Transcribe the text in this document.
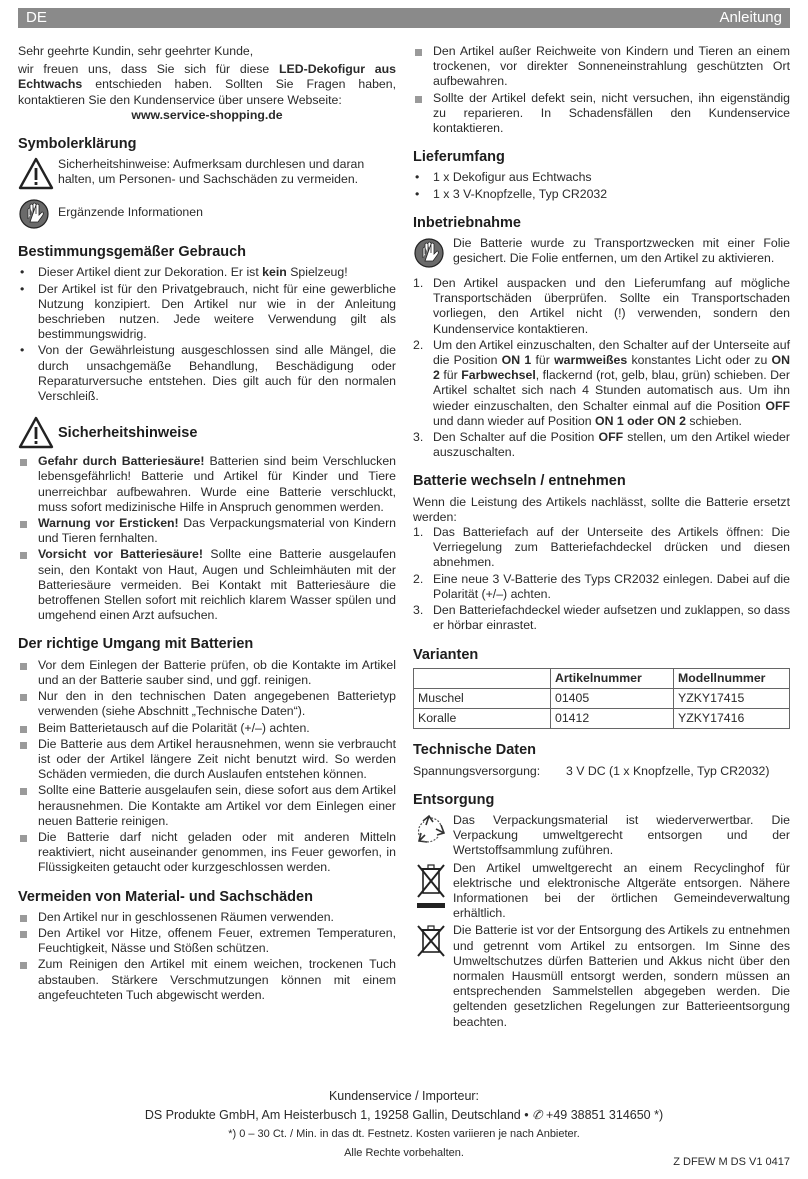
DE	Anleitung

Sehr geehrte Kundin, sehr geehrter Kunde,

wir freuen uns, dass Sie sich für diese LED-Dekofigur aus Echtwachs entschieden haben. Sollten Sie Fragen haben, kontaktieren Sie den Kundenservice über unsere Webseite:

www.service-shopping.de

Symbolerklärung
Sicherheitshinweise: Aufmerksam durchlesen und daran halten, um Personen- und Sachschäden zu vermeiden.
Ergänzende Informationen
Bestimmungsgemäßer Gebrauch
• Dieser Artikel dient zur Dekoration. Er ist kein Spielzeug!
• Der Artikel ist für den Privatgebrauch, nicht für eine gewerbliche Nutzung konzipiert. Den Artikel nur wie in der Anleitung beschrieben nutzen. Jede weitere Verwendung gilt als bestimmungswidrig.
• Von der Gewährleistung ausgeschlossen sind alle Mängel, die durch unsachgemäße Behandlung, Beschädigung oder Reparaturversuche entstehen. Dies gilt auch für den normalen Verschleiß.
Sicherheitshinweise
Gefahr durch Batteriesäure! Batterien sind beim Verschlucken lebensgefährlich! Batterie und Artikel für Kinder und Tiere unerreichbar aufbewahren. Wurde eine Batterie verschluckt, muss sofort medizinische Hilfe in Anspruch genommen werden.
Warnung vor Ersticken! Das Verpackungsmaterial von Kindern und Tieren fernhalten.
Vorsicht vor Batteriesäure! Sollte eine Batterie ausgelaufen sein, den Kontakt von Haut, Augen und Schleimhäuten mit der Batteriesäure vermeiden. Bei Kontakt mit Batteriesäure die betroffenen Stellen sofort mit reichlich klarem Wasser spülen und umgehend einen Arzt aufsuchen.
Der richtige Umgang mit Batterien
Vor dem Einlegen der Batterie prüfen, ob die Kontakte im Artikel und an der Batterie sauber sind, und ggf. reinigen.
Nur den in den technischen Daten angegebenen Batterietyp verwenden (siehe Abschnitt „Technische Daten“).
Beim Batterietausch auf die Polarität (+/–) achten.
Die Batterie aus dem Artikel herausnehmen, wenn sie verbraucht ist oder der Artikel längere Zeit nicht benutzt wird. So werden Schäden vermieden, die durch Auslaufen entstehen können.
Sollte eine Batterie ausgelaufen sein, diese sofort aus dem Artikel herausnehmen. Die Kontakte am Artikel vor dem Einlegen einer neuen Batterie reinigen.
Die Batterie darf nicht geladen oder mit anderen Mitteln reaktiviert, nicht auseinander genommen, ins Feuer geworfen, in Flüssigkeiten getaucht oder kurzgeschlossen werden.
Vermeiden von Material- und Sachschäden
Den Artikel nur in geschlossenen Räumen verwenden.
Den Artikel vor Hitze, offenem Feuer, extremen Temperaturen, Feuchtigkeit, Nässe und Stößen schützen.
Zum Reinigen den Artikel mit einem weichen, trockenen Tuch abstauben. Stärkere Verschmutzungen können mit einem angefeuchteten Tuch abgewischt werden.
Den Artikel außer Reichweite von Kindern und Tieren an einem trockenen, vor direkter Sonneneinstrahlung geschützten Ort aufbewahren.
Sollte der Artikel defekt sein, nicht versuchen, ihn eigenständig zu reparieren. In Schadensfällen den Kundenservice kontaktieren.
Lieferumfang
• 1 x Dekofigur aus Echtwachs
• 1 x 3 V-Knopfzelle, Typ CR2032
Inbetriebnahme
Die Batterie wurde zu Transportzwecken mit einer Folie gesichert. Die Folie entfernen, um den Artikel zu aktivieren.
1. Den Artikel auspacken und den Lieferumfang auf mögliche Transportschäden überprüfen. Sollte ein Transportschaden vorliegen, den Artikel nicht (!) verwenden, sondern den Kundenservice kontaktieren.
2. Um den Artikel einzuschalten, den Schalter auf der Unterseite auf die Position ON 1 für warmweißes konstantes Licht oder zu ON 2 für Farbwechsel, flackernd (rot, gelb, blau, grün) schieben. Der Artikel schaltet sich nach 4 Stunden automatisch aus. Um ihn wieder einzuschalten, den Schalter einmal auf die Position OFF und dann wieder auf Position ON 1 oder ON 2 schieben.
3. Den Schalter auf die Position OFF stellen, um den Artikel wieder auszuschalten.
Batterie wechseln / entnehmen

Wenn die Leistung des Artikels nachlässt, sollte die Batterie ersetzt werden:

1. Das Batteriefach auf der Unterseite des Artikels öffnen: Die Verriegelung zum Batteriefachdeckel drücken und diesen abnehmen.
2. Eine neue 3 V-Batterie des Typs CR2032 einlegen. Dabei auf die Polarität (+/–) achten.
3. Den Batteriefachdeckel wieder aufsetzen und zuklappen, so dass er hörbar einrastet.
Varianten
	Artikelnummer	Modellnummer
Muschel	01405	YZKY17415
Koralle	01412	YZKY17416
Technische Daten
Spannungsversorgung:	3 V DC (1 x Knopfzelle, Typ CR2032)
Entsorgung
Das Verpackungsmaterial ist wiederverwertbar. Die Verpackung umweltgerecht entsorgen und der Wertstoffsammlung zuführen.
Den Artikel umweltgerecht an einem Recyclinghof für elektrische und elektronische Altgeräte entsorgen. Nähere Informationen bei der örtlichen Gemeindeverwaltung erhältlich.
Die Batterie ist vor der Entsorgung des Artikels zu entnehmen und getrennt vom Artikel zu entsorgen. Im Sinne des Umweltschutzes dürfen Batterien und Akkus nicht über den normalen Hausmüll entsorgt werden, sondern müssen an entsprechenden Sammelstellen abgegeben werden. Die geltenden gesetzlichen Regelungen zur Batterieentsorgung beachten.
Kundenservice / Importeur:
DS Produkte GmbH, Am Heisterbusch 1, 19258 Gallin, Deutschland • ✆ +49 38851 314650 *)
*) 0 – 30 Ct. / Min. in das dt. Festnetz. Kosten variieren je nach Anbieter.
Alle Rechte vorbehalten.
Z DFEW M DS V1 0417
